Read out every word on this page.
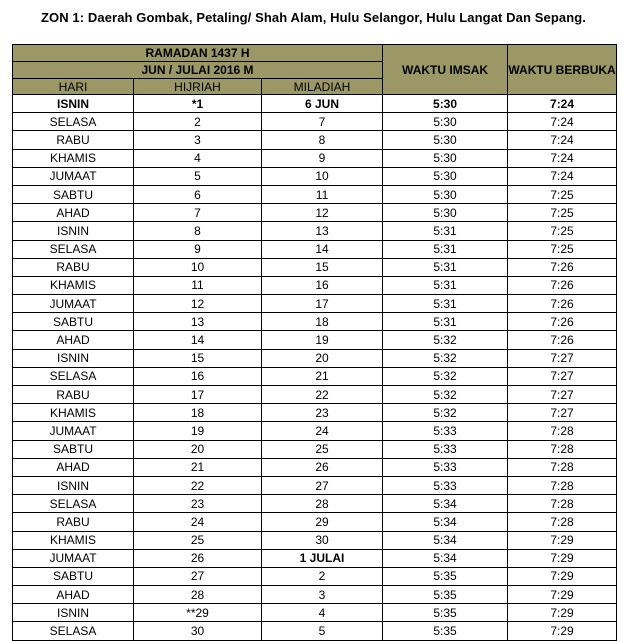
ZON 1: Daerah Gombak, Petaling/ Shah Alam, Hulu Selangor, Hulu Langat Dan Sepang.
RAMADAN 1437 H			WAKTU IMSAK	WAKTU BERBUKA
JUN / JULAI 2016 M				
HARI	HIJRIAH	MILADIAH		
ISNIN	*1	6 JUN	5:30	7:24
SELASA	2	7	5:30	7:24
RABU	3	8	5:30	7:24
KHAMIS	4	9	5:30	7:24
JUMAAT	5	10	5:30	7:24
SABTU	6	11	5:30	7:25
AHAD	7	12	5:30	7:25
ISNIN	8	13	5:31	7:25
SELASA	9	14	5:31	7:25
RABU	10	15	5:31	7:26
KHAMIS	11	16	5:31	7:26
JUMAAT	12	17	5:31	7:26
SABTU	13	18	5:31	7:26
AHAD	14	19	5:32	7:26
ISNIN	15	20	5:32	7:27
SELASA	16	21	5:32	7:27
RABU	17	22	5:32	7:27
KHAMIS	18	23	5:32	7:27
JUMAAT	19	24	5:33	7:28
SABTU	20	25	5:33	7:28
AHAD	21	26	5:33	7:28
ISNIN	22	27	5:33	7:28
SELASA	23	28	5:34	7:28
RABU	24	29	5:34	7:28
KHAMIS	25	30	5:34	7:29
JUMAAT	26	1 JULAI	5:34	7:29
SABTU	27	2	5:35	7:29
AHAD	28	3	5:35	7:29
ISNIN	**29	4	5:35	7:29
SELASA	30	5	5:35	7:29
